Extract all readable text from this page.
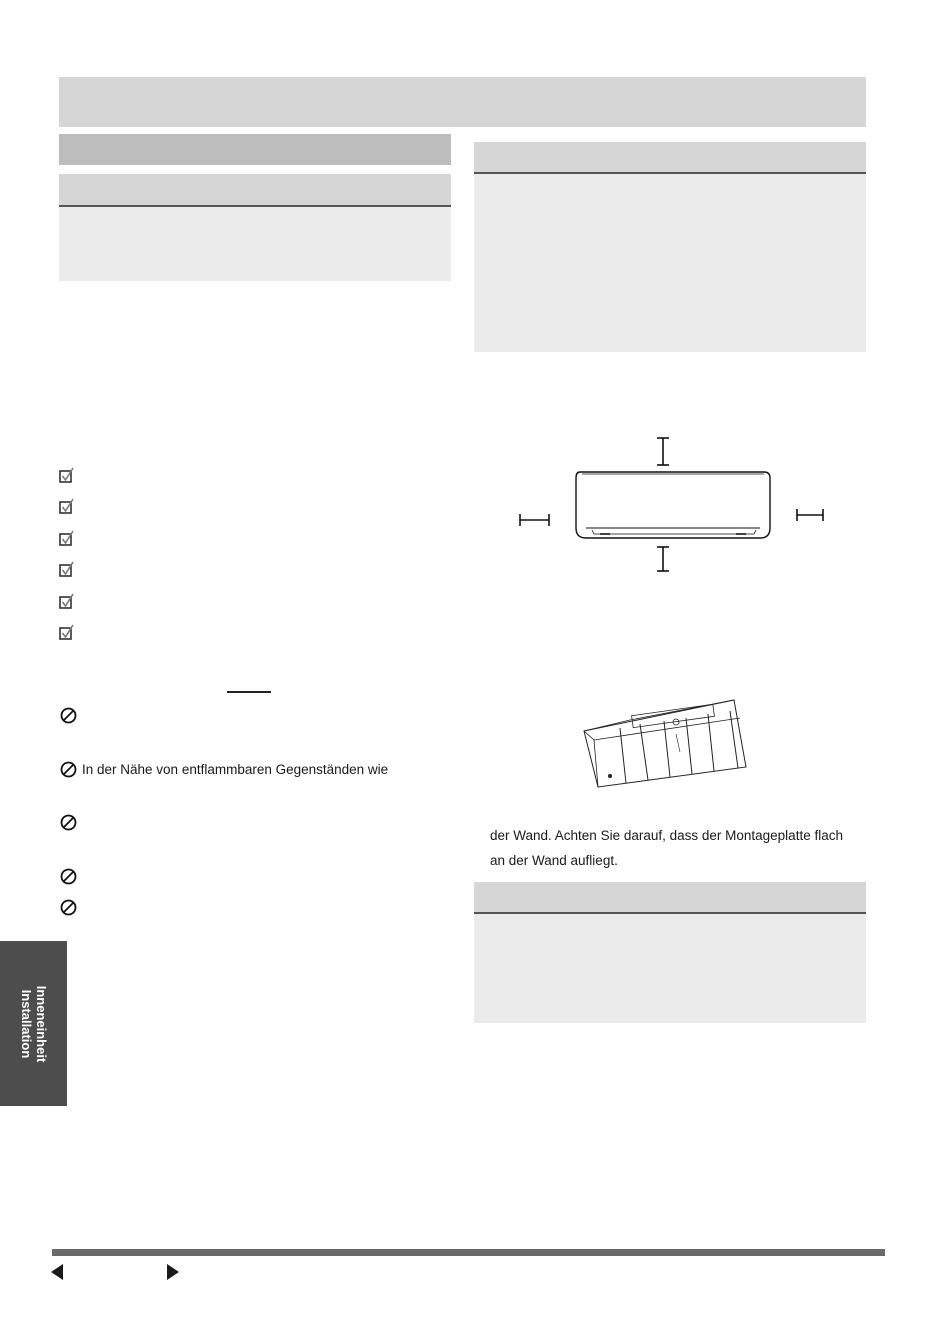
In der Nähe von entflammbaren Gegenständen wie
der Wand. Achten Sie darauf, dass der Montageplatte flach
an der Wand aufliegt.
Inneneinheit
Installation
